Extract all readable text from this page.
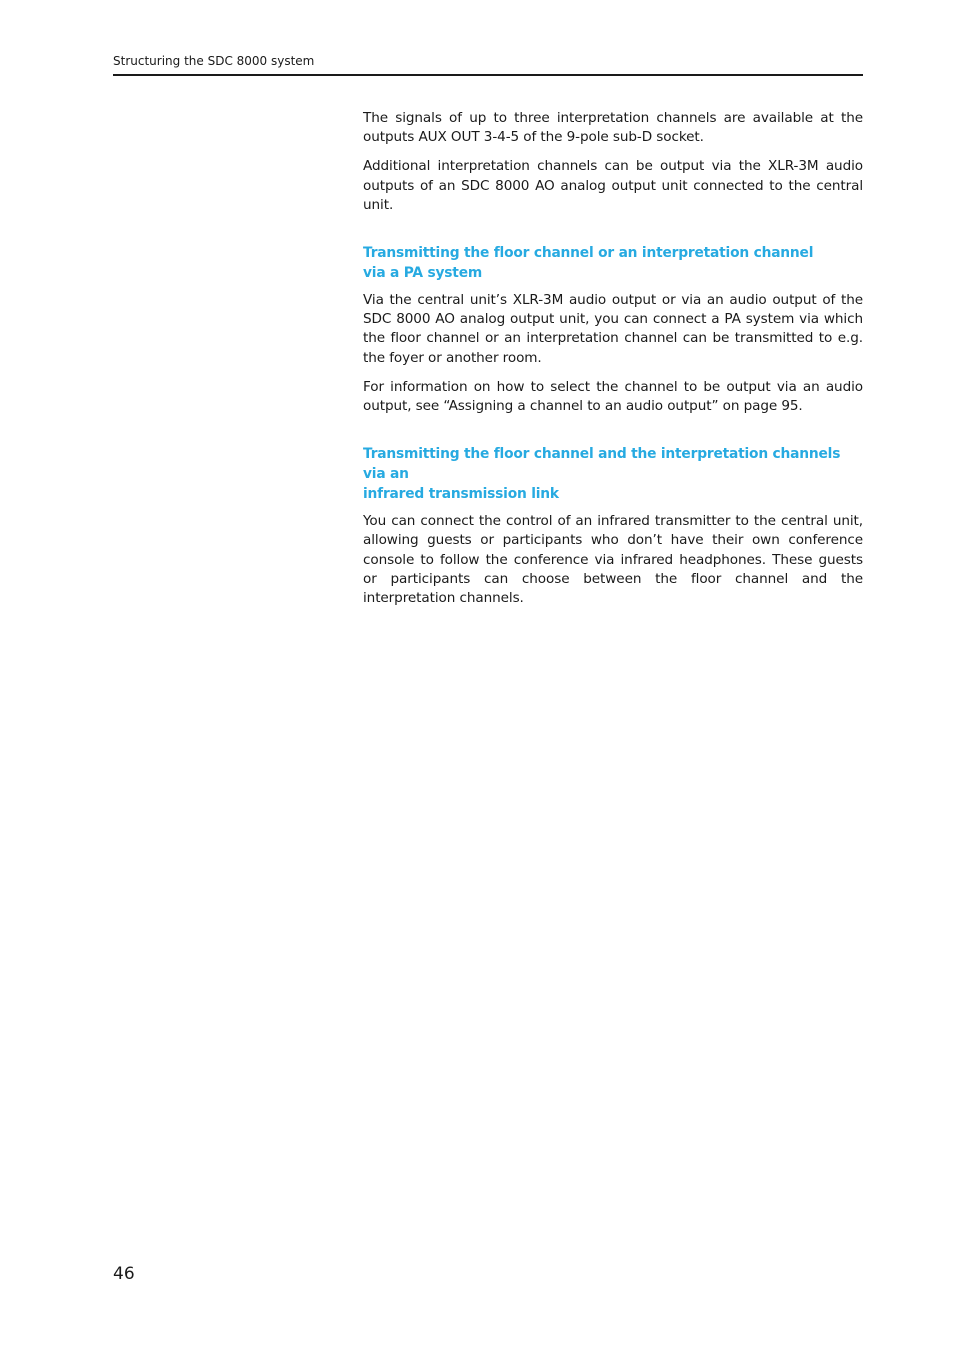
Structuring the SDC 8000 system

The signals of up to three interpretation channels are available at the outputs AUX OUT 3-4-5 of the 9-pole sub-D socket.

Additional interpretation channels can be output via the XLR-3M audio outputs of an SDC 8000 AO analog output unit connected to the central unit.

Transmitting the floor channel or an interpretation channel
via a PA system

Via the central unit’s XLR-3M audio output or via an audio output of the SDC 8000 AO analog output unit, you can connect a PA system via which the floor channel or an interpretation channel can be transmitted to e.g. the foyer or another room.

For information on how to select the channel to be output via an audio output, see “Assigning a channel to an audio output” on page 95.

Transmitting the floor channel and the interpretation channels via an
infrared transmission link

You can connect the control of an infrared transmitter to the central unit, allowing guests or participants who don’t have their own conference console to follow the conference via infrared headphones. These guests or participants can choose between the floor channel and the interpretation channels.

46
